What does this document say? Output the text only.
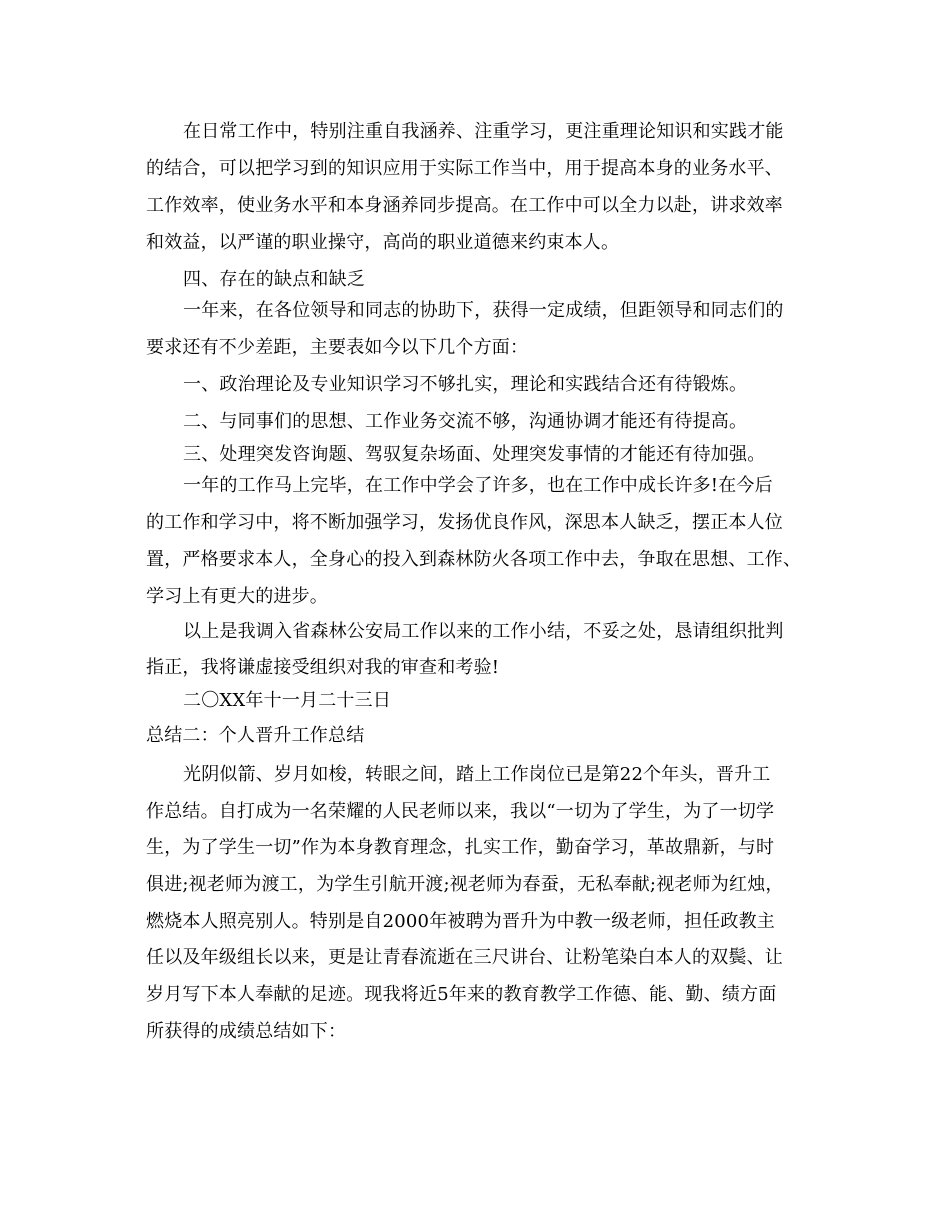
在日常工作中，特别注重自我涵养、注重学习，更注重理论知识和实践才能
的结合，可以把学习到的知识应用于实际工作当中，用于提高本身的业务水平、
工作效率，使业务水平和本身涵养同步提高。在工作中可以全力以赴，讲求效率
和效益，以严谨的职业操守，高尚的职业道德来约束本人。
四、存在的缺点和缺乏
一年来，在各位领导和同志的协助下，获得一定成绩，但距领导和同志们的
要求还有不少差距，主要表如今以下几个方面：
一、政治理论及专业知识学习不够扎实，理论和实践结合还有待锻炼。
二、与同事们的思想、工作业务交流不够，沟通协调才能还有待提高。
三、处理突发咨询题、驾驭复杂场面、处理突发事情的才能还有待加强。
一年的工作马上完毕，在工作中学会了许多，也在工作中成长许多!在今后
的工作和学习中，将不断加强学习，发扬优良作风，深思本人缺乏，摆正本人位
置，严格要求本人，全身心的投入到森林防火各项工作中去，争取在思想、工作、
学习上有更大的进步。
以上是我调入省森林公安局工作以来的工作小结，不妥之处，恳请组织批判
指正，我将谦虚接受组织对我的审查和考验!
二〇XX年十一月二十三日
总结二：个人晋升工作总结
光阴似箭、岁月如梭，转眼之间，踏上工作岗位已是第22个年头，晋升工
作总结。自打成为一名荣耀的人民老师以来，我以“一切为了学生，为了一切学
生，为了学生一切”作为本身教育理念，扎实工作，勤奋学习，革故鼎新，与时
俱进;视老师为渡工，为学生引航开渡;视老师为春蚕，无私奉献;视老师为红烛，
燃烧本人照亮别人。特别是自2000年被聘为晋升为中教一级老师，担任政教主
任以及年级组长以来，更是让青春流逝在三尺讲台、让粉笔染白本人的双鬓、让
岁月写下本人奉献的足迹。现我将近5年来的教育教学工作德、能、勤、绩方面
所获得的成绩总结如下：
